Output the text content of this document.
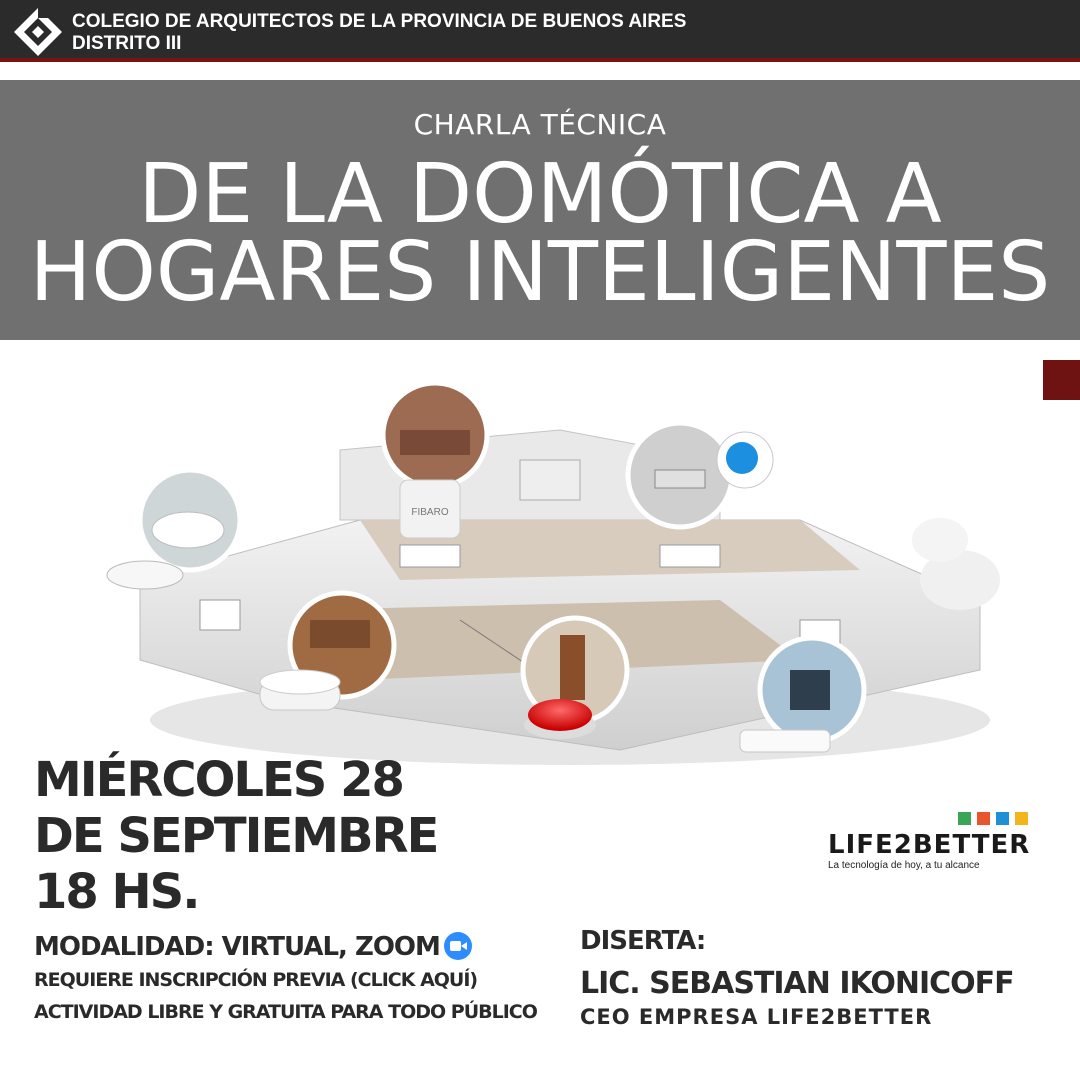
COLEGIO DE ARQUITECTOS DE LA PROVINCIA DE BUENOS AIRES
DISTRITO III
CHARLA TÉCNICA
DE LA DOMÓTICA A
HOGARES INTELIGENTES
FIBARO
MIÉRCOLES 28
DE SEPTIEMBRE
18 HS.
LIFE2BETTER
La tecnología de hoy, a tu alcance
MODALIDAD: VIRTUAL, ZOOM
REQUIERE INSCRIPCIÓN PREVIA (CLICK AQUÍ)
ACTIVIDAD LIBRE Y GRATUITA PARA TODO PÚBLICO
DISERTA:
LIC. SEBASTIAN IKONICOFF
CEO EMPRESA LIFE2BETTER
